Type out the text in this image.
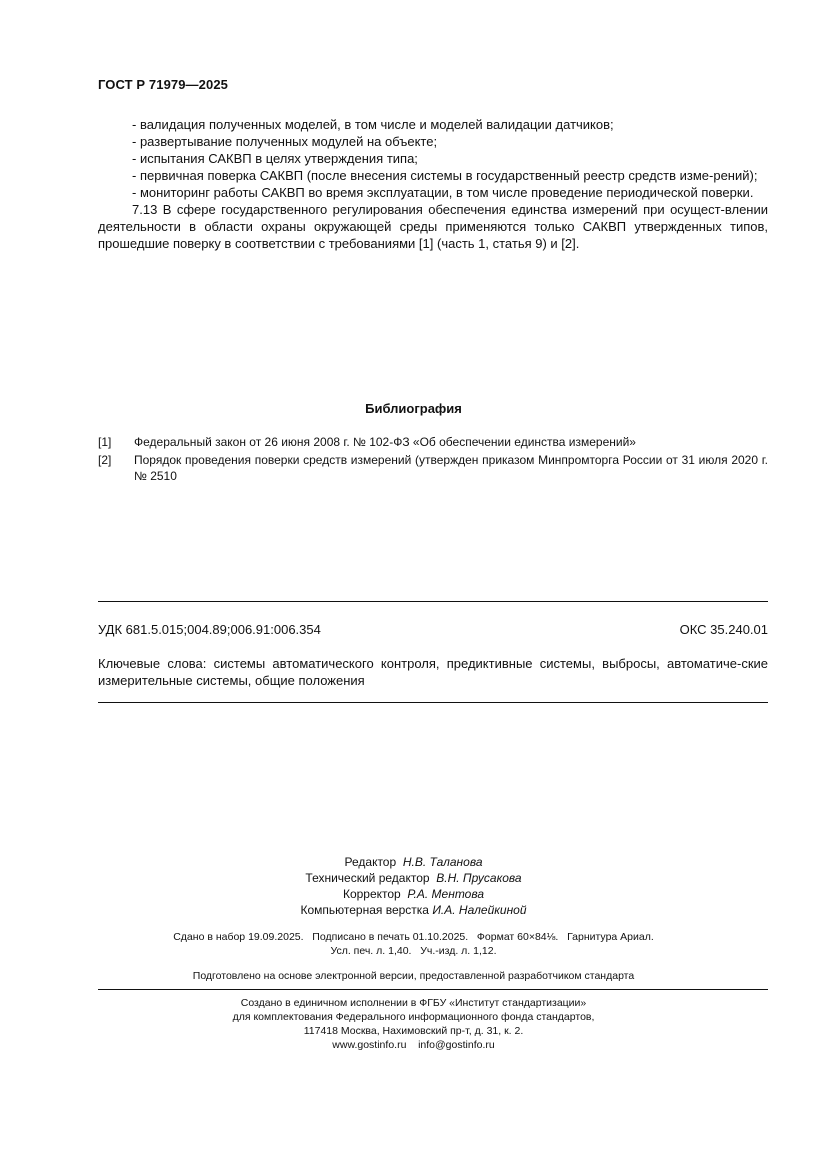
ГОСТ Р 71979—2025
- валидация полученных моделей, в том числе и моделей валидации датчиков;
- развертывание полученных модулей на объекте;
- испытания САКВП в целях утверждения типа;
- первичная поверка САКВП (после внесения системы в государственный реестр средств изме-рений);
- мониторинг работы САКВП во время эксплуатации, в том числе проведение периодической поверки.
7.13 В сфере государственного регулирования обеспечения единства измерений при осущест-влении деятельности в области охраны окружающей среды применяются только САКВП утвержденных типов, прошедшие поверку в соответствии с требованиями [1] (часть 1, статья 9) и [2].
Библиография
[1]	Федеральный закон от 26 июня 2008 г. № 102-ФЗ «Об обеспечении единства измерений»
[2]	Порядок проведения поверки средств измерений (утвержден приказом Минпромторга России от 31 июля 2020 г. № 2510
УДК 681.5.015;004.89;006.91:006.354	ОКС 35.240.01
Ключевые слова: системы автоматического контроля, предиктивные системы, выбросы, автоматиче-ские измерительные системы, общие положения
Редактор Н.В. Таланова
Технический редактор В.Н. Прусакова
Корректор Р.А. Ментова
Компьютерная верстка И.А. Налейкиной
Сдано в набор 19.09.2025.   Подписано в печать 01.10.2025.   Формат 60×84⅛.   Гарнитура Ариал.
Усл. печ. л. 1,40.   Уч.-изд. л. 1,12.
Подготовлено на основе электронной версии, предоставленной разработчиком стандарта
Создано в единичном исполнении в ФГБУ «Институт стандартизации»
для комплектования Федерального информационного фонда стандартов,
117418 Москва, Нахимовский пр-т, д. 31, к. 2.
www.gostinfo.ru    info@gostinfo.ru
